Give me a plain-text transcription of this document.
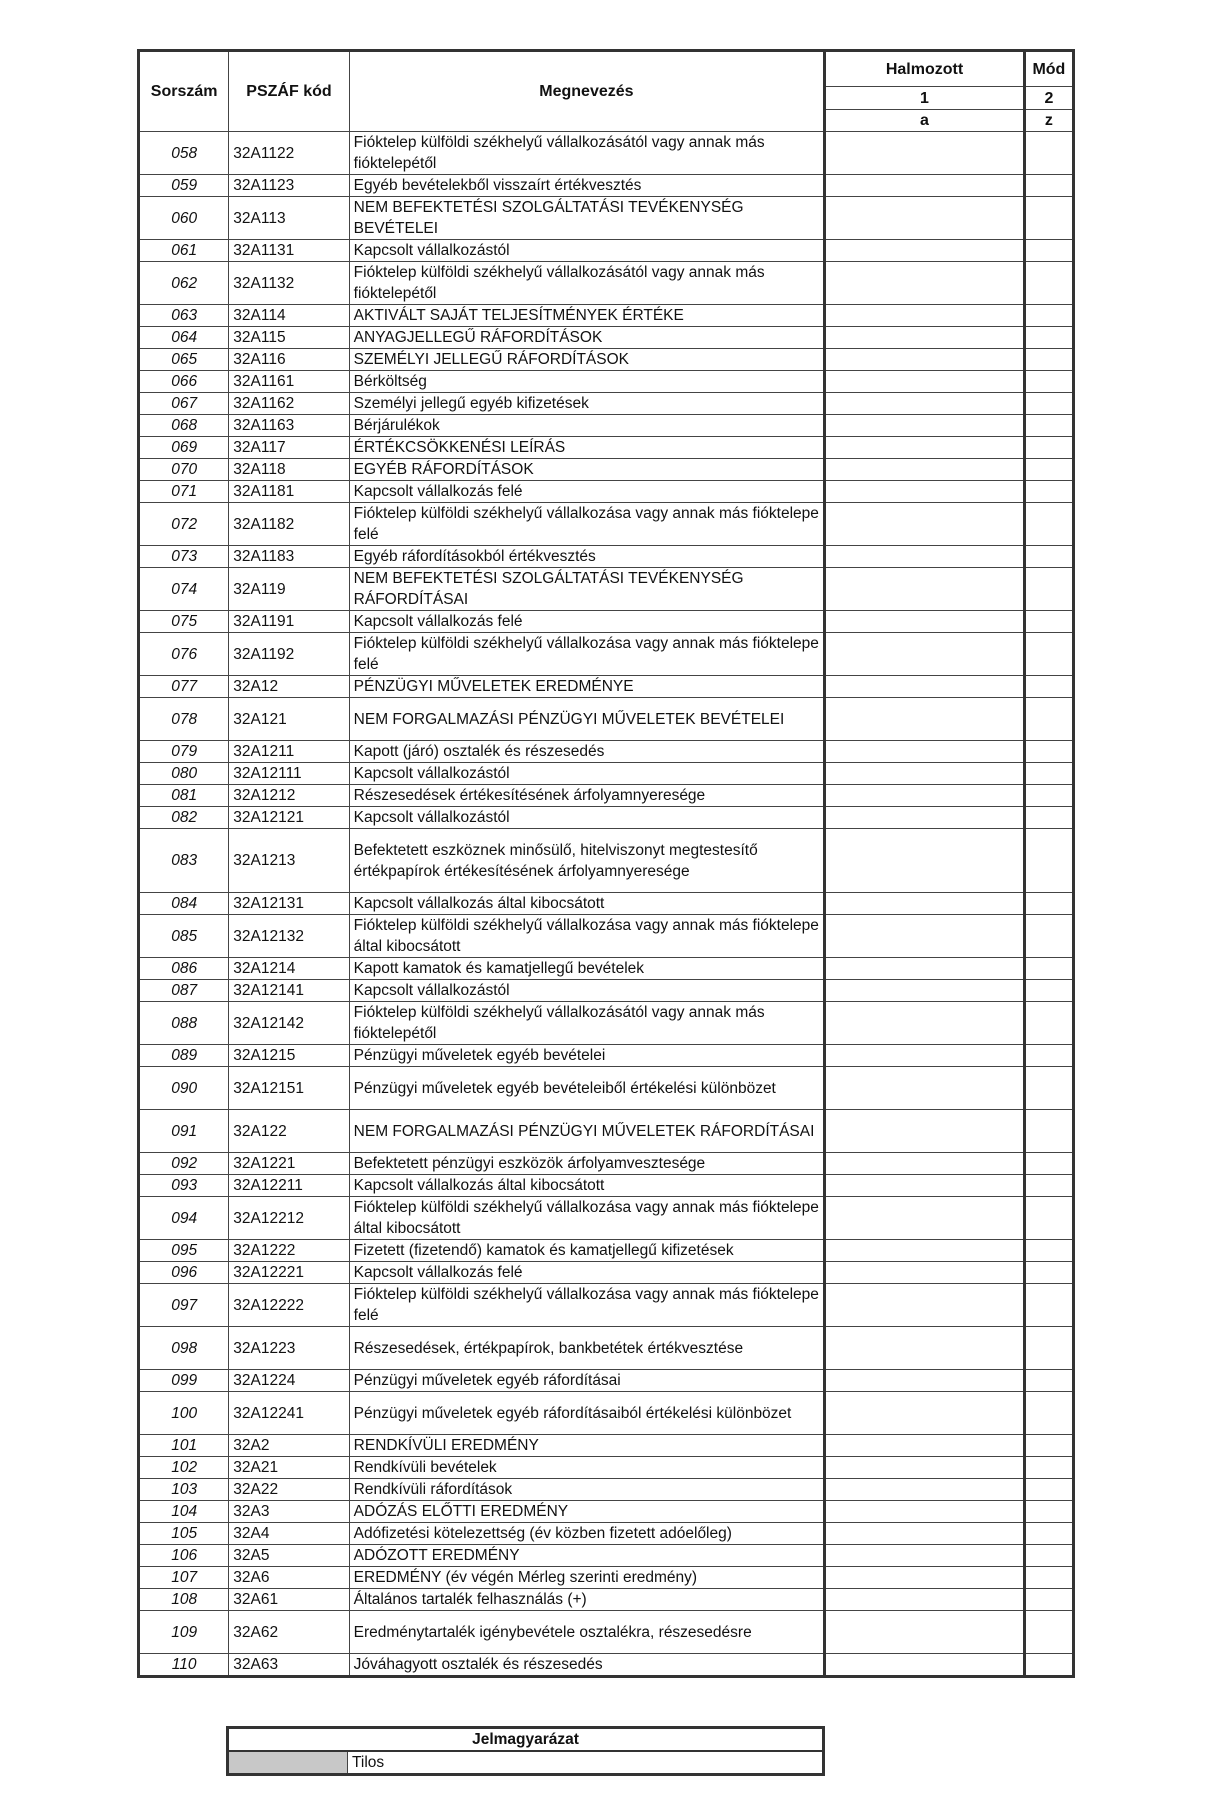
Sorszám	PSZÁF kód	Megnevezés	Halmozott	Mód
			1	2
			a	z
058	32A1122	Fióktelep külföldi székhelyű vállalkozásától vagy annak más fióktelepétől		
059	32A1123	Egyéb bevételekből visszaírt értékvesztés		
060	32A113	NEM BEFEKTETÉSI SZOLGÁLTATÁSI TEVÉKENYSÉG BEVÉTELEI		
061	32A1131	Kapcsolt vállalkozástól		
062	32A1132	Fióktelep külföldi székhelyű vállalkozásától vagy annak más fióktelepétől		
063	32A114	AKTIVÁLT SAJÁT TELJESÍTMÉNYEK ÉRTÉKE		
064	32A115	ANYAGJELLEGŰ RÁFORDÍTÁSOK		
065	32A116	SZEMÉLYI JELLEGŰ RÁFORDÍTÁSOK		
066	32A1161	Bérköltség		
067	32A1162	Személyi jellegű egyéb kifizetések		
068	32A1163	Bérjárulékok		
069	32A117	ÉRTÉKCSÖKKENÉSI LEÍRÁS		
070	32A118	EGYÉB RÁFORDÍTÁSOK		
071	32A1181	Kapcsolt vállalkozás felé		
072	32A1182	Fióktelep külföldi székhelyű vállalkozása vagy annak más fióktelepe felé		
073	32A1183	Egyéb ráfordításokból értékvesztés		
074	32A119	NEM BEFEKTETÉSI SZOLGÁLTATÁSI TEVÉKENYSÉG RÁFORDÍTÁSAI		
075	32A1191	Kapcsolt vállalkozás felé		
076	32A1192	Fióktelep külföldi székhelyű vállalkozása vagy annak más fióktelepe felé		
077	32A12	PÉNZÜGYI MŰVELETEK EREDMÉNYE		
078	32A121	NEM FORGALMAZÁSI PÉNZÜGYI MŰVELETEK BEVÉTELEI		
079	32A1211	Kapott (járó) osztalék és részesedés		
080	32A12111	Kapcsolt vállalkozástól		
081	32A1212	Részesedések értékesítésének árfolyamnyeresége		
082	32A12121	Kapcsolt vállalkozástól		
083	32A1213	Befektetett eszköznek minősülő, hitelviszonyt megtestesítő értékpapírok értékesítésének árfolyamnyeresége		
084	32A12131	Kapcsolt vállalkozás által kibocsátott		
085	32A12132	Fióktelep külföldi székhelyű vállalkozása vagy annak más fióktelepe által kibocsátott		
086	32A1214	Kapott kamatok és kamatjellegű bevételek		
087	32A12141	Kapcsolt vállalkozástól		
088	32A12142	Fióktelep külföldi székhelyű vállalkozásától vagy annak más fióktelepétől		
089	32A1215	Pénzügyi műveletek egyéb bevételei		
090	32A12151	Pénzügyi műveletek egyéb bevételeiből értékelési különbözet		
091	32A122	NEM FORGALMAZÁSI PÉNZÜGYI MŰVELETEK RÁFORDÍTÁSAI		
092	32A1221	Befektetett pénzügyi eszközök árfolyamvesztesége		
093	32A12211	Kapcsolt vállalkozás által kibocsátott		
094	32A12212	Fióktelep külföldi székhelyű vállalkozása vagy annak más fióktelepe által kibocsátott		
095	32A1222	Fizetett (fizetendő) kamatok és kamatjellegű kifizetések		
096	32A12221	Kapcsolt vállalkozás felé		
097	32A12222	Fióktelep külföldi székhelyű vállalkozása vagy annak más fióktelepe felé		
098	32A1223	Részesedések, értékpapírok, bankbetétek értékvesztése		
099	32A1224	Pénzügyi műveletek egyéb ráfordításai		
100	32A12241	Pénzügyi műveletek egyéb ráfordításaiból értékelési különbözet		
101	32A2	RENDKÍVÜLI EREDMÉNY		
102	32A21	Rendkívüli bevételek		
103	32A22	Rendkívüli ráfordítások		
104	32A3	ADÓZÁS ELŐTTI EREDMÉNY		
105	32A4	Adófizetési kötelezettség (év közben fizetett adóelőleg)		
106	32A5	ADÓZOTT EREDMÉNY		
107	32A6	EREDMÉNY (év végén Mérleg szerinti eredmény)		
108	32A61	Általános tartalék felhasználás (+)		
109	32A62	Eredménytartalék igénybevétele osztalékra, részesedésre		
110	32A63	Jóváhagyott osztalék és részesedés		
Jelmagyarázat
	Tilos
